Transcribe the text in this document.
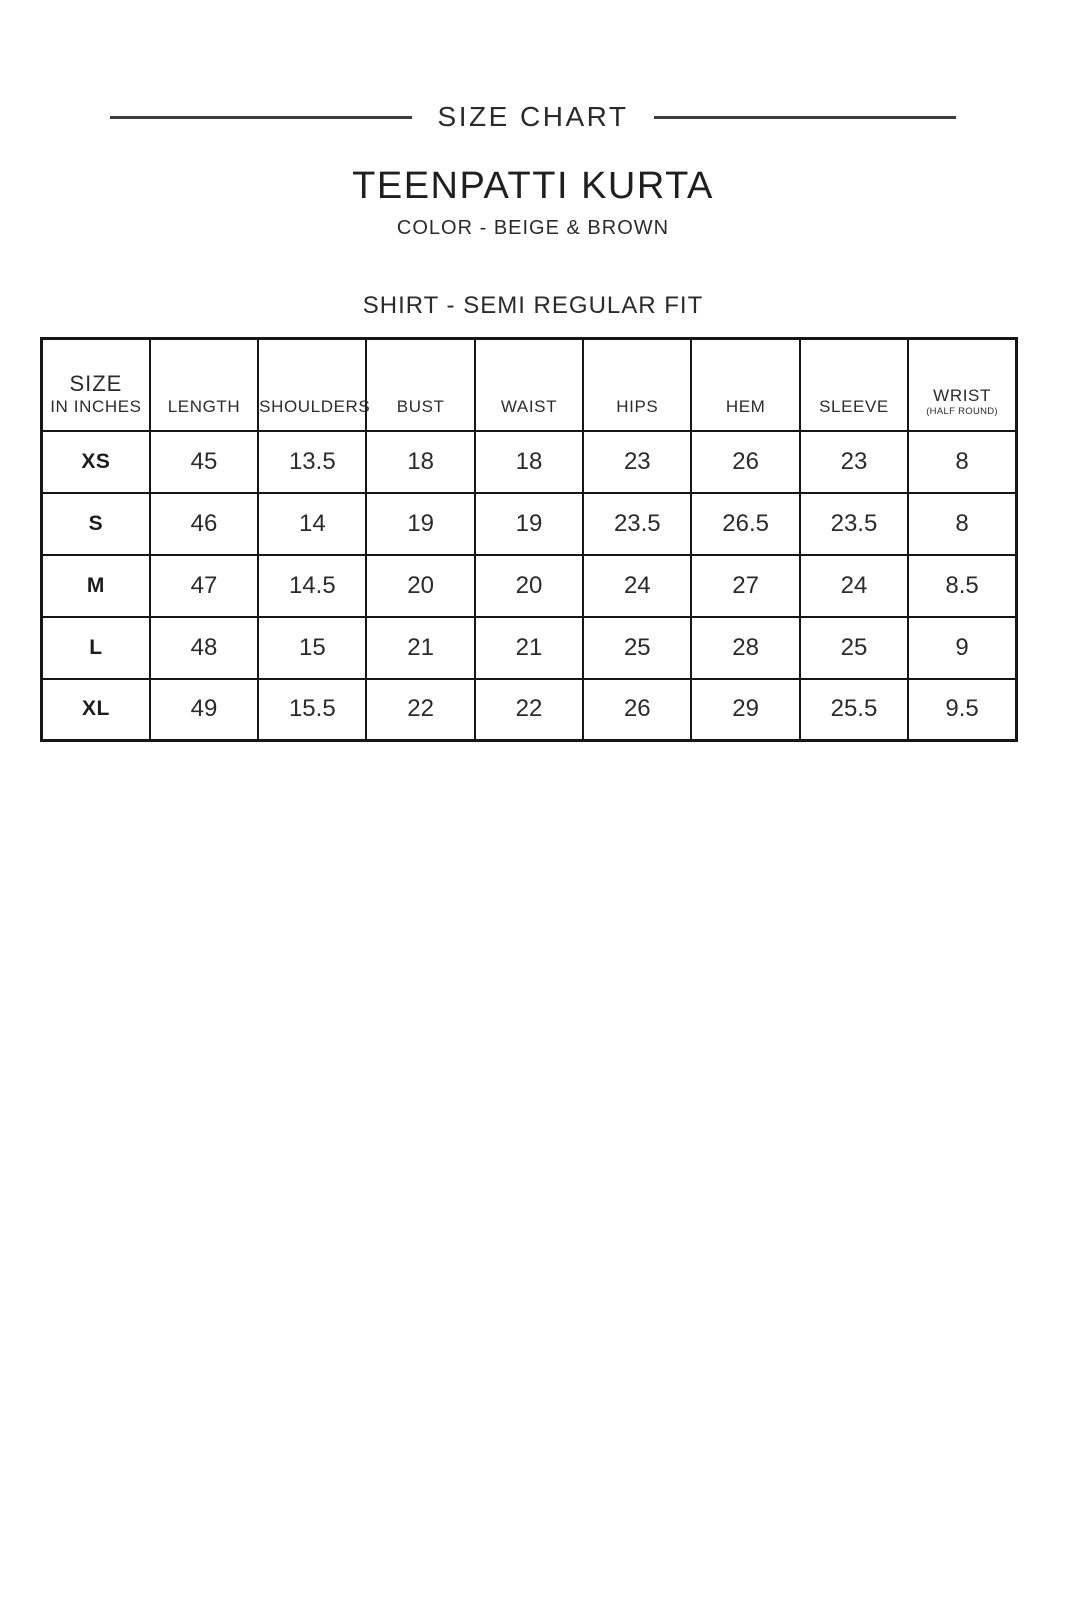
SIZE CHART
TEENPATTI KURTA
COLOR - BEIGE & BROWN
SHIRT - SEMI REGULAR FIT
SIZE
IN INCHES	LENGTH	SHOULDERS	BUST	WAIST	HIPS	HEM	SLEEVE	WRIST
(HALF ROUND)

XS	45	13.5	18	18	23	26	23	8
S	46	14	19	19	23.5	26.5	23.5	8
M	47	14.5	20	20	24	27	24	8.5
L	48	15	21	21	25	28	25	9
XL	49	15.5	22	22	26	29	25.5	9.5
